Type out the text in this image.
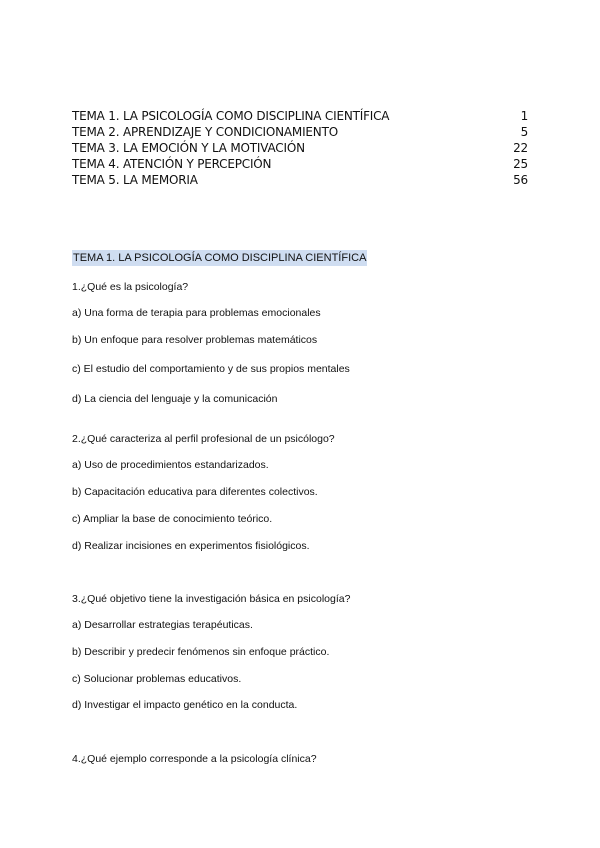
TEMA 1. LA PSICOLOGÍA COMO DISCIPLINA CIENTÍFICA	1
TEMA 2. APRENDIZAJE Y CONDICIONAMIENTO	5
TEMA 3. LA EMOCIÓN Y LA MOTIVACIÓN	22
TEMA 4. ATENCIÓN Y PERCEPCIÓN	25
TEMA 5. LA MEMORIA	56
TEMA 1. LA PSICOLOGÍA COMO DISCIPLINA CIENTÍFICA
1.¿Qué es la psicología?
a) Una forma de terapia para problemas emocionales
b) Un enfoque para resolver problemas matemáticos
c) El estudio del comportamiento y de sus propios mentales
d) La ciencia del lenguaje y la comunicación
2.¿Qué caracteriza al perfil profesional de un psicólogo?
a) Uso de procedimientos estandarizados.
b) Capacitación educativa para diferentes colectivos.
c) Ampliar la base de conocimiento teórico.
d) Realizar incisiones en experimentos fisiológicos.
3.¿Qué objetivo tiene la investigación básica en psicología?
a) Desarrollar estrategias terapéuticas.
b) Describir y predecir fenómenos sin enfoque práctico.
c) Solucionar problemas educativos.
d) Investigar el impacto genético en la conducta.
4.¿Qué ejemplo corresponde a la psicología clínica?
